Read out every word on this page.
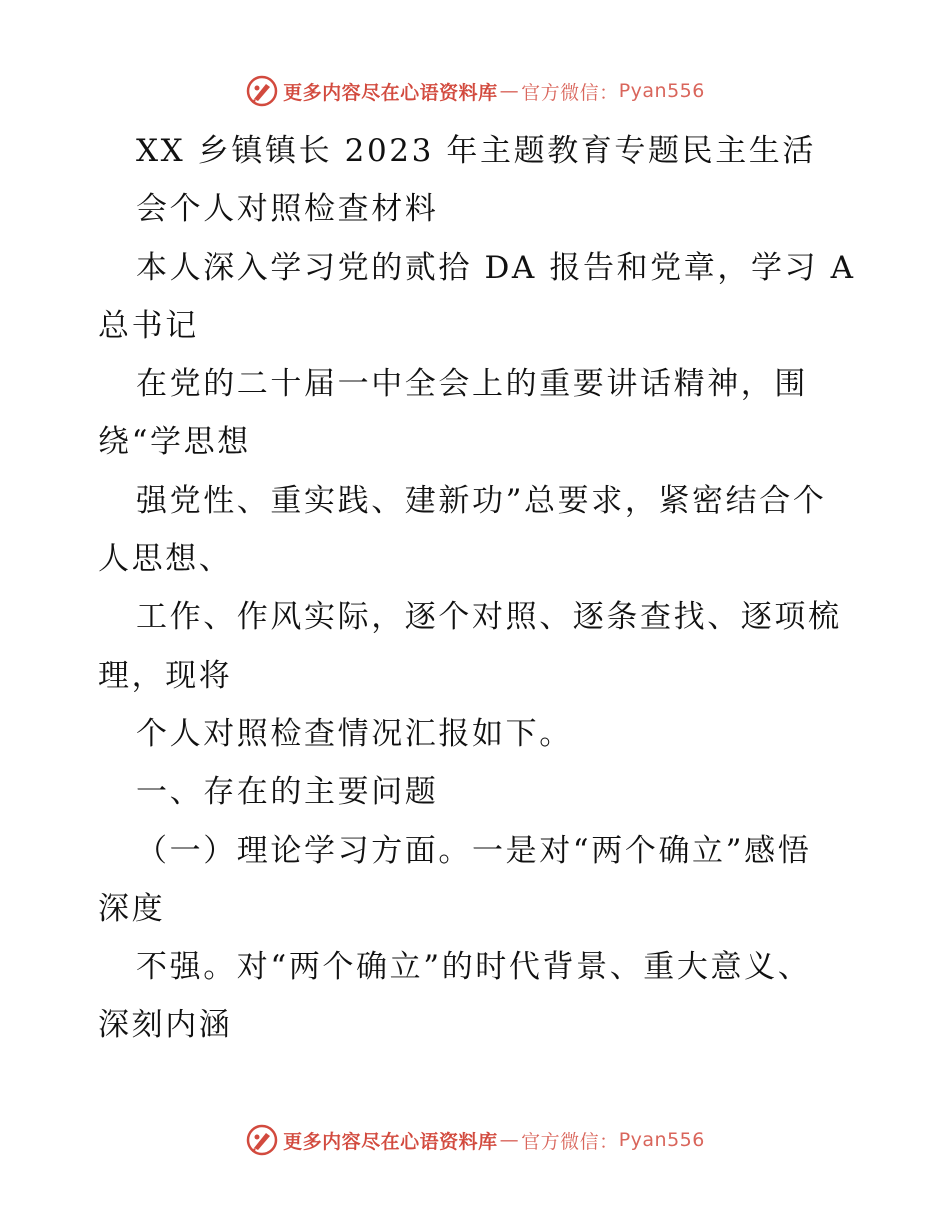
更多内容尽在心语资料库 — 官方微信： Pyan556
XX 乡镇镇长 2023 年主题教育专题民主生活
会个人对照检查材料
本人深入学习党的贰拾 DA 报告和党章，学习 A
总书记
在党的二十届一中全会上的重要讲话精神，围
绕“学思想
强党性、重实践、建新功”总要求，紧密结合个
人思想、
工作、作风实际，逐个对照、逐条查找、逐项梳
理，现将
个人对照检查情况汇报如下。
一、存在的主要问题
（一）理论学习方面。一是对“两个确立”感悟
深度
不强。对“两个确立”的时代背景、重大意义、
深刻内涵
更多内容尽在心语资料库 — 官方微信： Pyan556
